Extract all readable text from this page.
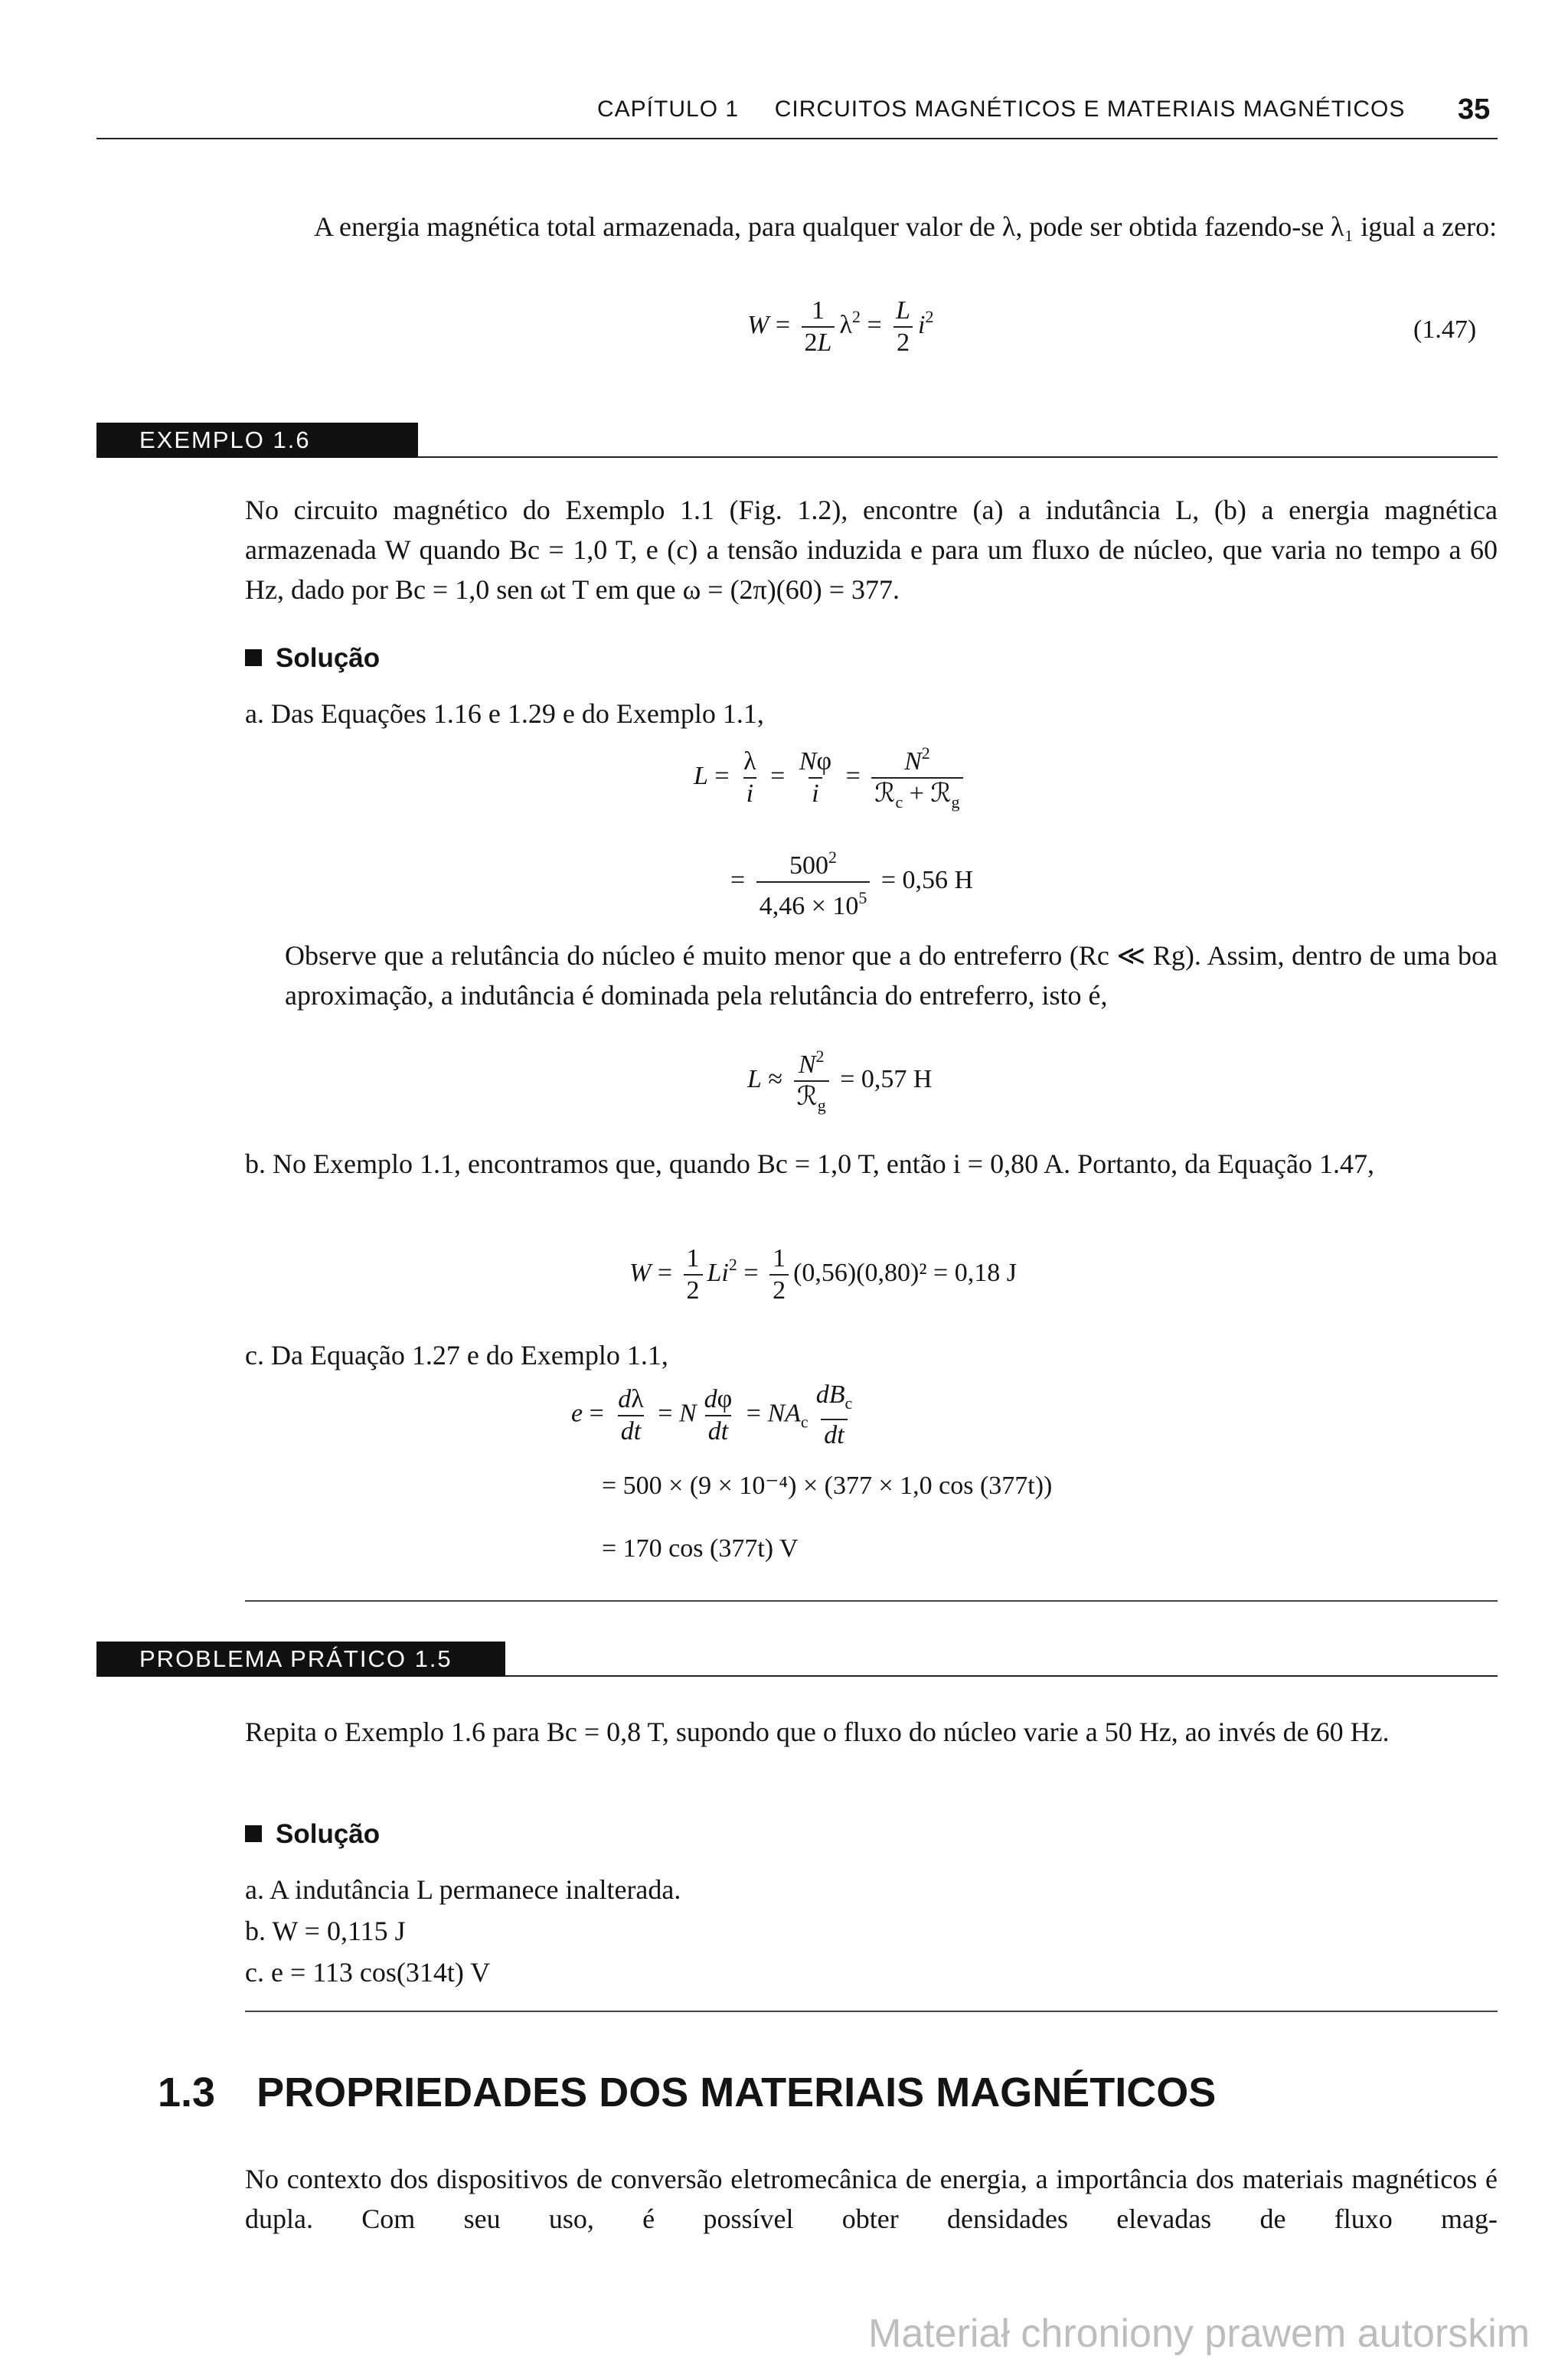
CAPÍTULO 1 CIRCUITOS MAGNÉTICOS E MATERIAIS MAGNÉTICOS 35
A energia magnética total armazenada, para qualquer valor de λ, pode ser obtida fazendo-se λ₁ igual a zero:
$W = \frac{1}{2L} \lambda^2 = \frac{L}{2} i^2$	(1.47)
EXEMPLO 1.6
No circuito magnético do Exemplo 1.1 (Fig. 1.2), encontre (a) a indutância L, (b) a energia magnética armazenada W quando Bc = 1,0 T, e (c) a tensão induzida e para um fluxo de núcleo, que varia no tempo a 60 Hz, dado por Bc = 1,0 sen ωt T em que ω = (2π)(60) = 377.
Solução
a. Das Equações 1.16 e 1.29 e do Exemplo 1.1,
$L = \frac{\lambda}{i} = \frac{N\varphi}{i} = \frac{N^2}{ℛ_c + ℛ_g}$
= $\frac{500^2}{4,46 \times 10^5} = 0,56$ H
Observe que a relutância do núcleo é muito menor que a do entreferro (Rc ≪ Rg). Assim, dentro de uma boa aproximação, a indutância é dominada pela relutância do entreferro, isto é,
$L \approx \frac{N^2}{ℛ_g} = 0,57$ H
b. No Exemplo 1.1, encontramos que, quando Bc = 1,0 T, então i = 0,80 A. Portanto, da Equação 1.47,
$W = \frac{1}{2} Li^2 = \frac{1}{2} (0,56)(0,80)^2 = 0,18$ J
c. Da Equação 1.27 e do Exemplo 1.1,
$e = \frac{d\lambda}{dt} = N \frac{d\varphi}{dt} = NA_c \frac{dB_c}{dt}$
= 500 × (9 × 10⁻⁴) × (377 × 1,0 cos (377t))
= 170 cos (377t) V
PROBLEMA PRÁTICO 1.5
Repita o Exemplo 1.6 para Bc = 0,8 T, supondo que o fluxo do núcleo varie a 50 Hz, ao invés de 60 Hz.
Solução
a. A indutância L permanece inalterada.
b. W = 0,115 J
c. e = 113 cos(314t) V
1.3 PROPRIEDADES DOS MATERIAIS MAGNÉTICOS
No contexto dos dispositivos de conversão eletromecânica de energia, a importância dos materiais magnéticos é dupla. Com seu uso, é possível obter densidades elevadas de fluxo mag-
Materiał chroniony prawem autorskim
